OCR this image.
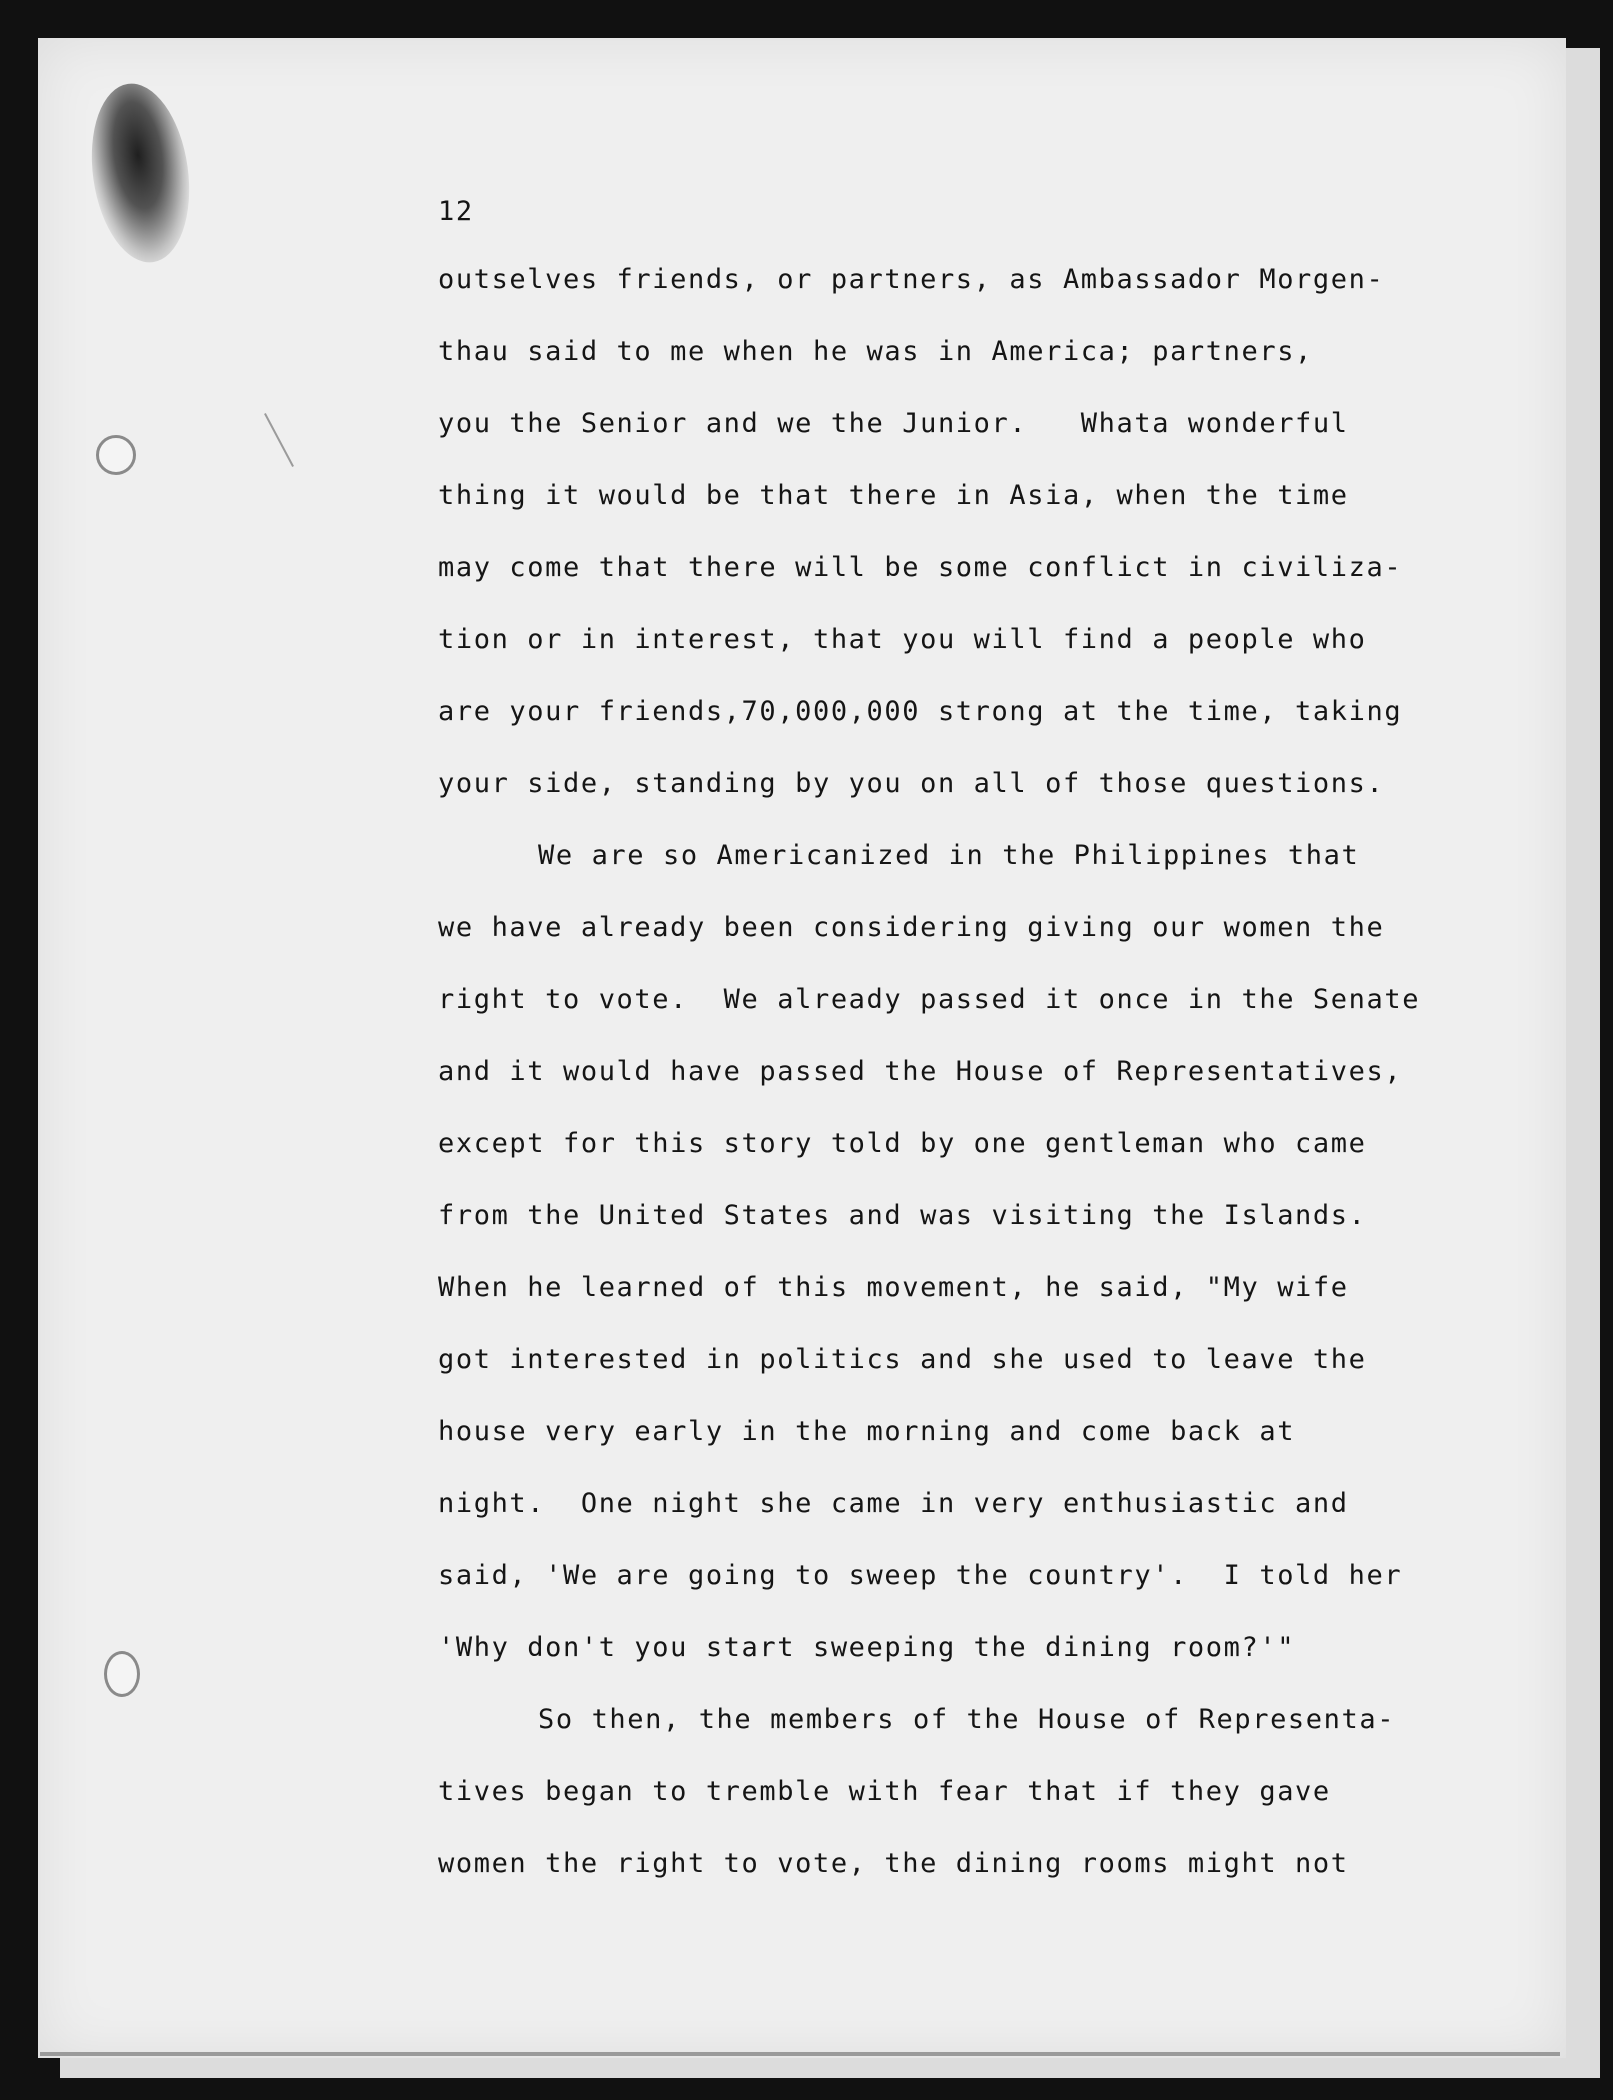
12
outselves friends, or partners, as Ambassador Morgen-
thau said to me when he was in America; partners,
you the Senior and we the Junior.   Whata wonderful
thing it would be that there in Asia, when the time
may come that there will be some conflict in civiliza-
tion or in interest, that you will find a people who
are your friends,70,000,000 strong at the time, taking
your side, standing by you on all of those questions.
We are so Americanized in the Philippines that
we have already been considering giving our women the
right to vote.  We already passed it once in the Senate
and it would have passed the House of Representatives,
except for this story told by one gentleman who came
from the United States and was visiting the Islands.
When he learned of this movement, he said, "My wife
got interested in politics and she used to leave the
house very early in the morning and come back at
night.  One night she came in very enthusiastic and
said, 'We are going to sweep the country'.  I told her
'Why don't you start sweeping the dining room?'"
So then, the members of the House of Representa-
tives began to tremble with fear that if they gave
women the right to vote, the dining rooms might not
